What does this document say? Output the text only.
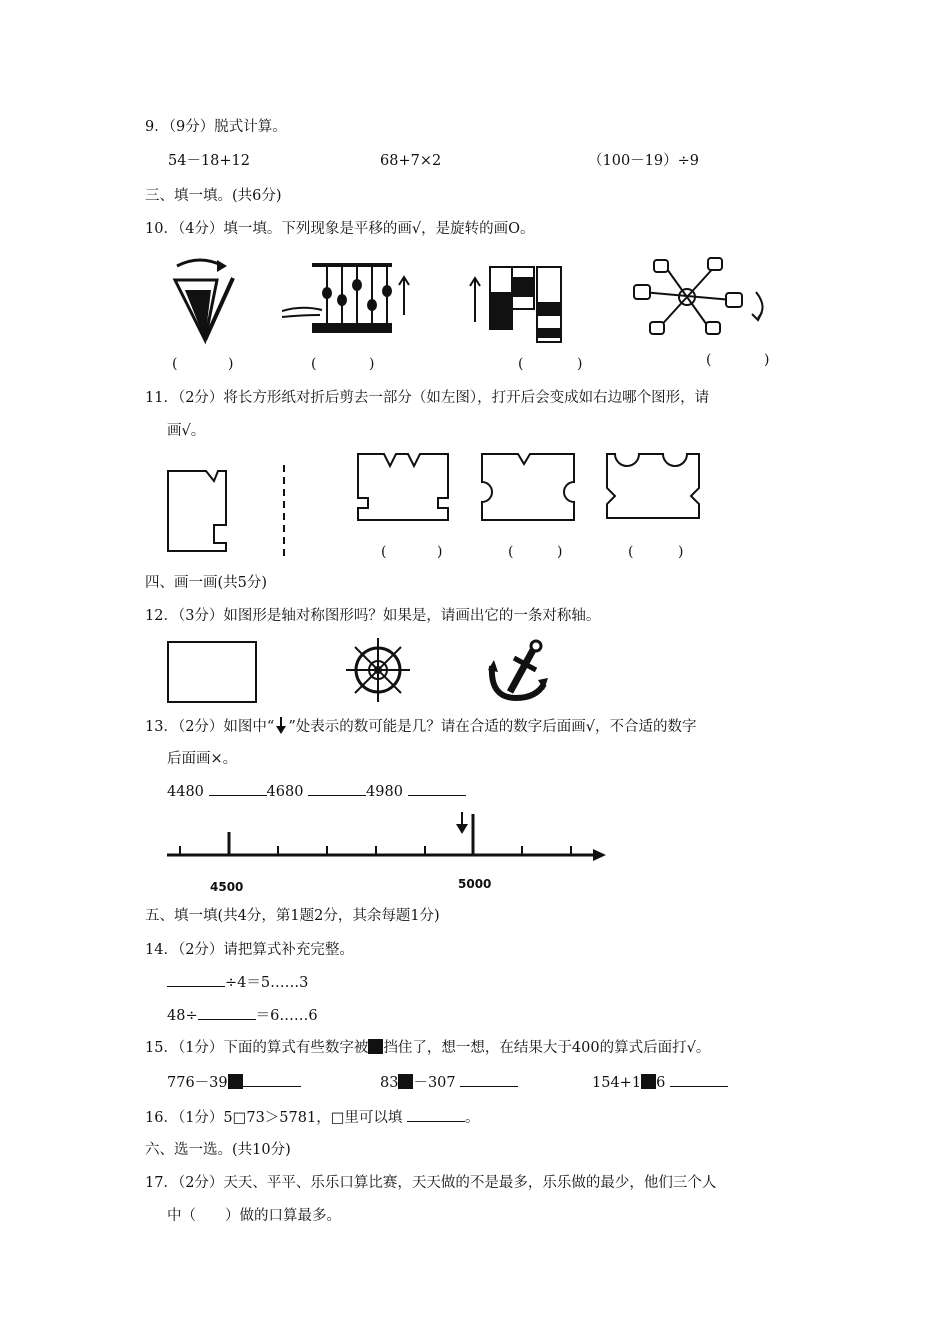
9．（9分）脱式计算。
54－18+12	68+7×2	（100－19）÷9
三、填一填。(共6分)
10．（4分）填一填。下列现象是平移的画√，是旋转的画O。
(	)	(	)	(	)	(	)
11．（2分）将长方形纸对折后剪去一部分（如左图），打开后会变成如右边哪个图形，请
画√。
(	)	(	)	(	)
四、画一画(共5分)
12．（3分）如图形是轴对称图形吗？如果是，请画出它的一条对称轴。
13．（2分）如图中“ ”处表示的数可能是几？请在合适的数字后面画√，不合适的数字
后面画×。
4480	4680	4980
4500	5000
五、填一填(共4分，第1题2分，其余每题1分)
14．（2分）请把算式补充完整。
÷4＝5……3
48÷	＝6……6
15．（1分）下面的算式有些数字被 挡住了，想一想，在结果大于400的算式后面打√。
776－39	83 －307	154+1 6
16．（1分）5□73＞5781，□里可以填	。
六、选一选。(共10分)
17．（2分）天天、平平、乐乐口算比赛，天天做的不是最多，乐乐做的最少，他们三个人
中（　　）做的口算最多。
